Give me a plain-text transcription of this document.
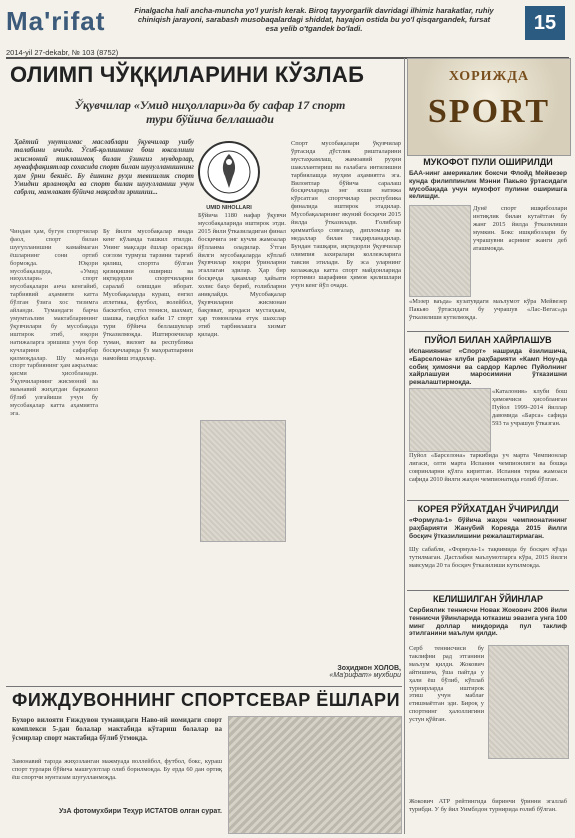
Ma'rifat	Finalgacha hali ancha-muncha yo'l yurish kerak. Biroq tayyorgarlik davridagi ilhimiz harakatlar, ruhiy chiniqish jarayoni, sarabash musobaqalardagi shiddat, hayajon ostida bu yo'l qisqargandek, fursat esa yelib o'tgandek bo'ladi.	15
2014-yil 27-dekabr, № 103 (8752)
ОЛИМП ЧЎҚҚИЛАРИНИ КЎЗЛАБ
Ўқувчилар «Умид ниҳоллари»да бу сафар 17 спорт тури бўйича беллашади
Ҳаётий унутилмас маслаблари ўқувчилар ушбу талабини ичида. Ўсиб-қолишнинг бош юксалиши жисмоний тиклашмоқ билан ўзингиз мувдорлар, муваффақиятлар сохасида спорт билан шуғулланишнинг ҳам ўрни бекиёс. Бу ёшнинг руҳи тевишлик спорт Умидни ярламоқда ва спорт билан шуғулланиш учун сабрли, мамлакат бўйича мақсадли эришиш...
UMID NIHOLLARI
Чиндан ҳам, бугун спортчилар фаол, спорт билан шуғулланишни камаймаган ёшларнинг сони ортиб бормоқда. Юқори мусобақаларда, «Умид ниҳоллари» спорт мусобақалари анча кенгайиб, тарбиявий аҳамияти катта бўлган ўзига хос тизимга айланди. Тумандаги барча умумтаълим мактабларининг ўқувчилари бу мусобақада иштирок этиб, юқори натижаларга эришиш учун бор кучларини сафарбар қилмоқдалар. Шу маънода спорт тарбиянинг ҳам ажралмас қисми ҳисобланади. Ўқувчиларнинг жисмоний ва маънавий жиҳатдан баркамол бўлиб улғайиши учун бу мусобақалар катта аҳамиятга эга.
Бу йилги мусобақалар янада кенг кўламда ташкил этилди. Унинг мақсади ёшлар орасида соғлом турмуш тарзини тарғиб қилиш, спортга бўлган қизиқишни ошириш ва иқтидорли спортчиларни саралаб олишдан иборат. Мусобақаларда кураш, енгил атлетика, футбол, волейбол, баскетбол, стол тениси, шахмат, шашка, гандбол каби 17 спорт тури бўйича беллашувлар ўтказилмоқда. Иштирокчилар туман, вилоят ва республика босқичларида ўз маҳоратларини намойиш этадилар.
Бўйича 1180 нафар ўқувчи мусобақаларида иштирок этди. 2015 йили ўтказиладиган финал босқичига энг кучли жамоалар йўлланма оладилар. Ўтган йилги мусобақаларда кўплаб ўқувчилар юқори ўринларни эгаллаган эдилар. Ҳар бир босқичда ҳакамлар ҳайъати холис баҳо бериб, ғолибларни аниқлайди. Мусобақалар ўқувчиларни жисмонан бақувват, иродаси мустаҳкам, ҳар томонлама етук шахслар этиб тарбиялашга хизмат қилади.
Спорт мусобақалари ўқувчилар ўртасида дўстлик ришталарини мустаҳкамлаш, жамоавий руҳни шакллантириш ва ғалабага интилишни тарбиялашда муҳим аҳамиятга эга. Вилоятлар бўйича саралаш босқичларида энг яхши натижа кўрсатган спортчилар республика финалида иштирок этадилар. Мусобақаларнинг якуний босқичи 2015 йилда ўтказилади. Ғолиблар қимматбаҳо совғалар, дипломлар ва медаллар билан тақдирланадилар. Бундан ташқари, иқтидорли ўқувчилар олимпия захиралари коллежларига тавсия этилади. Бу эса уларнинг келажакда катта спорт майдонларида юртимиз шарафини ҳимоя қилишлари учун кенг йўл очади.
Зоҳиджон ХОЛОВ,
«Ма'рифат» мухбири
ФИЖДУВОННИНГ СПОРТСЕВАР ЁШЛАРИ
Бухоро вилояти Ғиждувон туманидаги Наво-ий номидаги спорт комплекси 5-дан болалар мактабида кўтариш болалар ва ўсмирлар спорт мактабида бўлиб ўтмоқда.
Замонавий тарзда жиҳозланган мажмуада воллейбол, футбол, бокс, кураш спорт турлари бўйича машғулотлар олиб борилмоқда. Бу ерда 60 дан ортиқ ёш спортчи мунтазам шуғулланмоқда.
УзА фотомухбири Теҳур ИСТАТОВ олган сурат.
ХОРИЖДА
SPORT
МУКОФОТ ПУЛИ ОШИРИЛДИ
БАА-нинг америкалик боксчи Флойд Мейвезер кунда филиппинлик Мэнни Пакьяо ўртасидаги мусобақада учун мукофот пулини оширишга келишди.
Дунё спорт ишқибозлари интиқлик билан кутаётган бу жанг 2015 йилда ўтказилиши мумкин. Бокс ишқибозлари бу учрашувни асрнинг жанги деб аташмоқда.
«Мэзер ваъда» кузатувдаги маълумот кўра Мейвезер Пакьяо ўртасидаги бу учрашув «Лас-Вегас»да ўтказилиши кутилмоқда.
ПУЙОЛ БИЛАН ХАЙРЛАШУВ
Испаниянинг «Спорт» нашрида ёзилишича, «Барселона» клуби раҳбарияти «Камп Ноу»да собиқ ҳимоячи ва сардор Карлес Пуйолнинг хайрлашуви маросимини ўтказишни режалаштирмоқда.
«Каталония» клуби бош ҳимоячиси ҳисобланган Пуйол 1999–2014 йиллар давомида «Барса» сафида 593 та учрашув ўтказган.
Пуйол «Барселона» таркибида уч марта Чемпионлар лигаси, олти марта Испания чемпионлиги ва бошқа совринларни қўлга киритган. Испания терма жамоаси сафида 2010 йилги жаҳон чемпионатида ғолиб бўлган.
КОРЕЯ РЎЙХАТДАН ЎЧИРИЛДИ
«Формула-1» бўйича жаҳон чемпионатининг раҳбарияти Жанубий Кореяда 2015 йилги босқич ўтказилишини режалаштирмаган.
Шу сабабли, «Формула-1» тақвимида бу босқич кўзда тутилмаган. Дастлабки маълумотларга кўра, 2015 йилги мавсумда 20 та босқич ўтказилиши кутилмоқда.
КЕЛИШИЛГАН ЎЙИНЛАР
Сербиялик теннисчи Новак Жокович 2006 йили теннисчи ўйинларида ютказиш эвазига унга 100 минг доллар миқдорида пул таклиф этилганини маълум қилди.
Серб теннисчиси бу таклифни рад этганини маълум қилди. Жокович айтишича, ўша пайтда у ҳали ёш бўлиб, кўплаб турнирларда иштирок этиш учун маблағ етишмаётган эди. Бироқ у спортнинг ҳалоллигини устун қўйган.
Жокович ATP рейтингида биринчи ўринни эгаллаб турибди. У бу йил Уимблдон турнирида ғолиб бўлган.
